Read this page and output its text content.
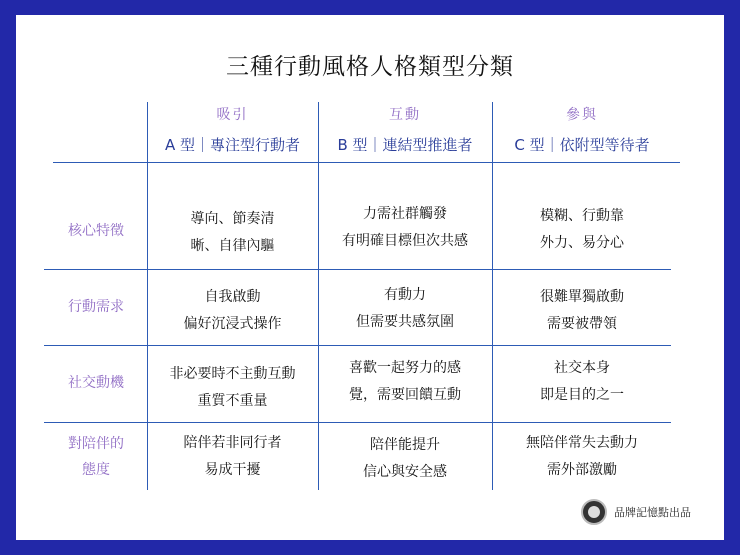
三種行動風格人格類型分類
吸引
A 型｜專注型行動者
互動
B 型｜連結型推進者
參與
C 型｜依附型等待者
核心特徵
導向、節奏清
晰、自律內驅
力需社群觸發
有明確目標但次共感
模糊、行動靠
外力、易分心
行動需求
自我啟動
偏好沉浸式操作
有動力
但需要共感氛圍
很難單獨啟動
需要被帶領
社交動機
非必要時不主動互動
重質不重量
喜歡一起努力的感
覺，需要回饋互動
社交本身
即是目的之一
對陪伴的
態度
陪伴若非同行者
易成干擾
陪伴能提升
信心與安全感
無陪伴常失去動力
需外部激勵
品牌記憶點出品
